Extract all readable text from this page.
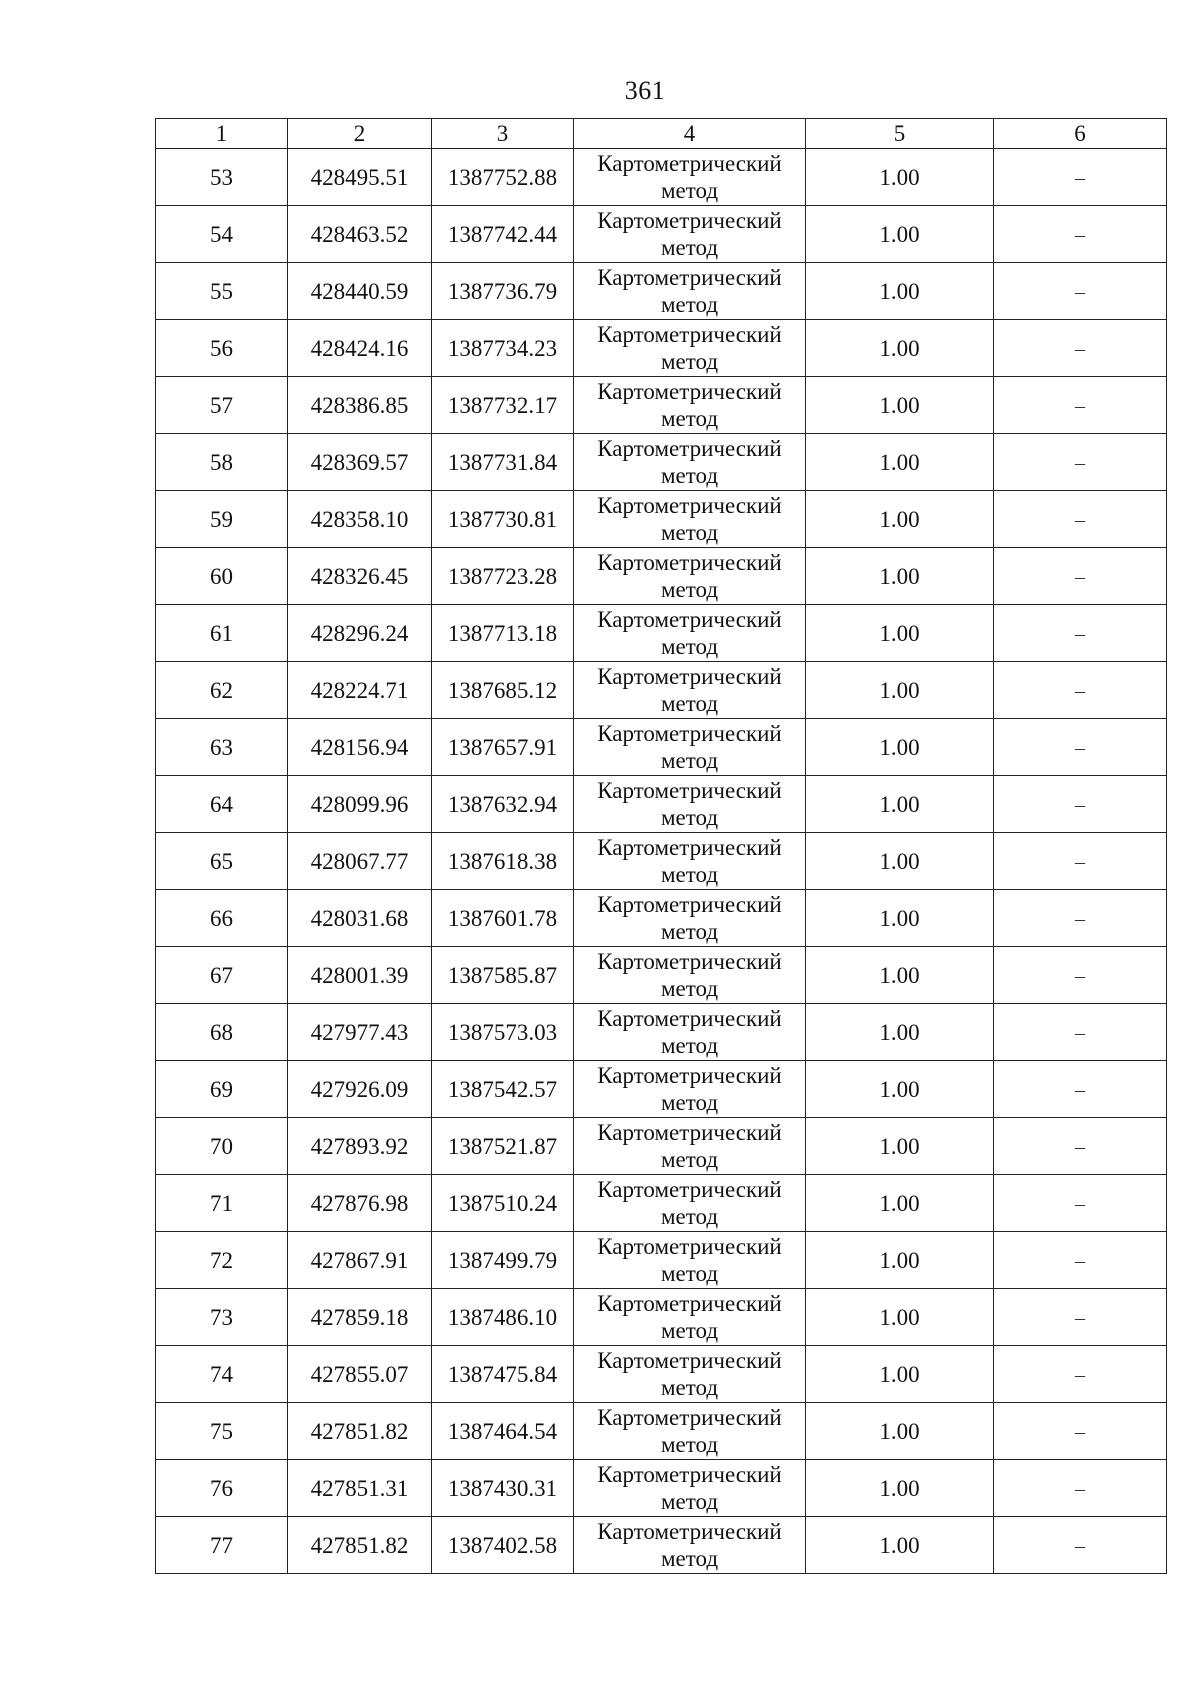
361
1	2	3	4	5	6
53	428495.51	1387752.88	Картометрический метод	1.00	–
54	428463.52	1387742.44	Картометрический метод	1.00	–
55	428440.59	1387736.79	Картометрический метод	1.00	–
56	428424.16	1387734.23	Картометрический метод	1.00	–
57	428386.85	1387732.17	Картометрический метод	1.00	–
58	428369.57	1387731.84	Картометрический метод	1.00	–
59	428358.10	1387730.81	Картометрический метод	1.00	–
60	428326.45	1387723.28	Картометрический метод	1.00	–
61	428296.24	1387713.18	Картометрический метод	1.00	–
62	428224.71	1387685.12	Картометрический метод	1.00	–
63	428156.94	1387657.91	Картометрический метод	1.00	–
64	428099.96	1387632.94	Картометрический метод	1.00	–
65	428067.77	1387618.38	Картометрический метод	1.00	–
66	428031.68	1387601.78	Картометрический метод	1.00	–
67	428001.39	1387585.87	Картометрический метод	1.00	–
68	427977.43	1387573.03	Картометрический метод	1.00	–
69	427926.09	1387542.57	Картометрический метод	1.00	–
70	427893.92	1387521.87	Картометрический метод	1.00	–
71	427876.98	1387510.24	Картометрический метод	1.00	–
72	427867.91	1387499.79	Картометрический метод	1.00	–
73	427859.18	1387486.10	Картометрический метод	1.00	–
74	427855.07	1387475.84	Картометрический метод	1.00	–
75	427851.82	1387464.54	Картометрический метод	1.00	–
76	427851.31	1387430.31	Картометрический метод	1.00	–
77	427851.82	1387402.58	Картометрический метод	1.00	–
